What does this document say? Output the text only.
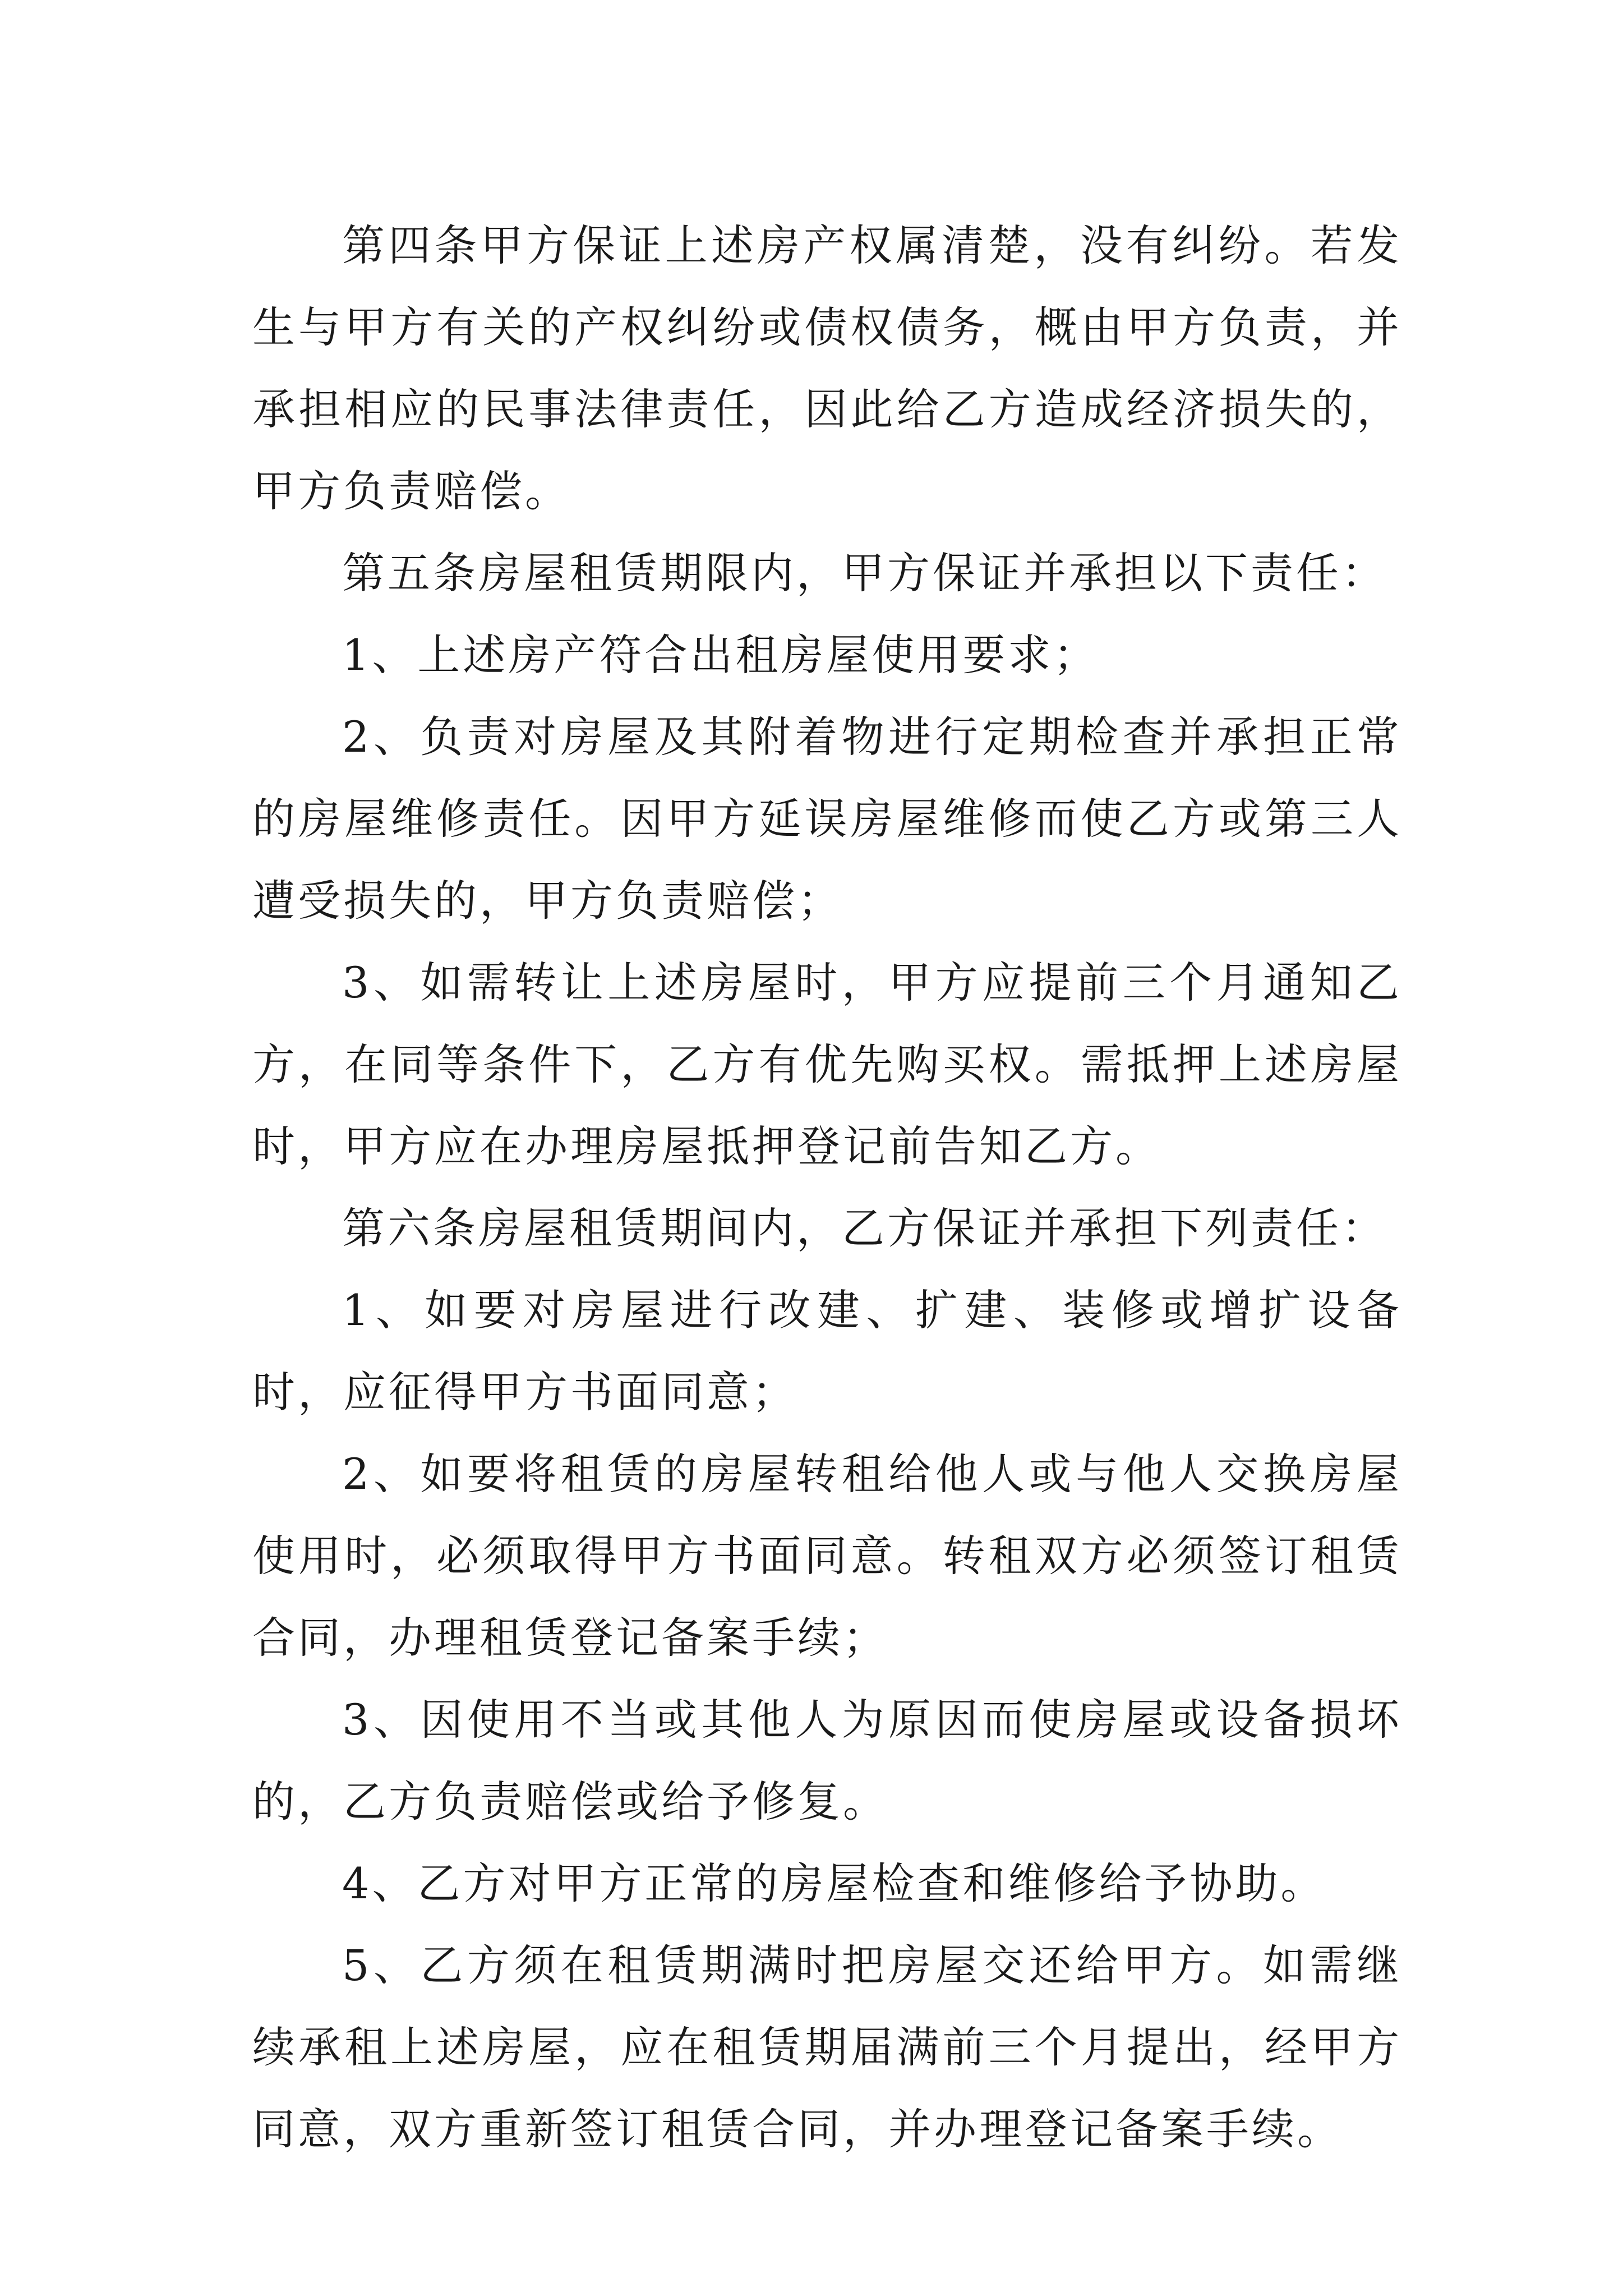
第四条甲方保证上述房产权属清楚，没有纠纷。若发生与甲方有关的产权纠纷或债权债务，概由甲方负责，并承担相应的民事法律责任，因此给乙方造成经济损失的，甲方负责赔偿。

第五条房屋租赁期限内，甲方保证并承担以下责任：

1、上述房产符合出租房屋使用要求；

2、负责对房屋及其附着物进行定期检查并承担正常的房屋维修责任。因甲方延误房屋维修而使乙方或第三人遭受损失的，甲方负责赔偿；

3、如需转让上述房屋时，甲方应提前三个月通知乙方，在同等条件下，乙方有优先购买权。需抵押上述房屋时，甲方应在办理房屋抵押登记前告知乙方。

第六条房屋租赁期间内，乙方保证并承担下列责任：

1、如要对房屋进行改建、扩建、装修或增扩设备时，应征得甲方书面同意；

2、如要将租赁的房屋转租给他人或与他人交换房屋使用时，必须取得甲方书面同意。转租双方必须签订租赁合同，办理租赁登记备案手续；

3、因使用不当或其他人为原因而使房屋或设备损坏的，乙方负责赔偿或给予修复。

4、乙方对甲方正常的房屋检查和维修给予协助。

5、乙方须在租赁期满时把房屋交还给甲方。如需继续承租上述房屋，应在租赁期届满前三个月提出，经甲方同意，双方重新签订租赁合同，并办理登记备案手续。
